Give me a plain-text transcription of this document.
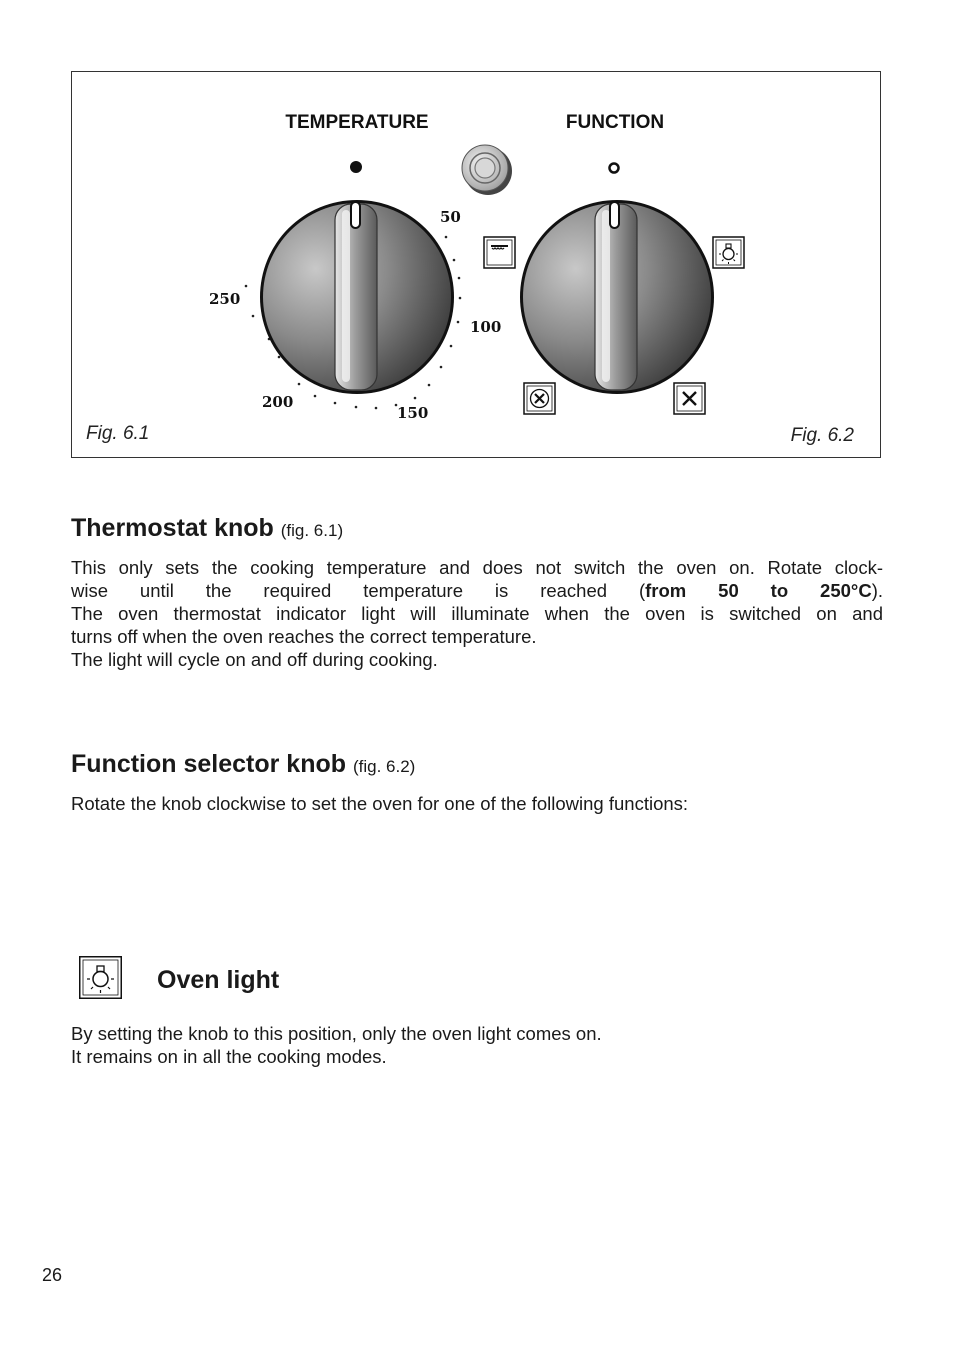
TEMPERATURE	FUNCTION
50
100
150
200
250
Fig. 6.1	Fig. 6.2
Thermostat knob (fig. 6.1)

This only sets the cooking temperature and does not switch the oven on. Rotate clock-
wise until the required temperature is reached (from 50 to 250°C).
The oven thermostat indicator light will illuminate when the oven is switched on and
turns off when the oven reaches the correct temperature.
The light will cycle on and off during cooking.

Function selector knob (fig. 6.2)

Rotate the knob clockwise to set the oven for one of the following functions:

Oven light

By setting the knob to this position, only the oven light comes on.
It remains on in all the cooking modes.

26
